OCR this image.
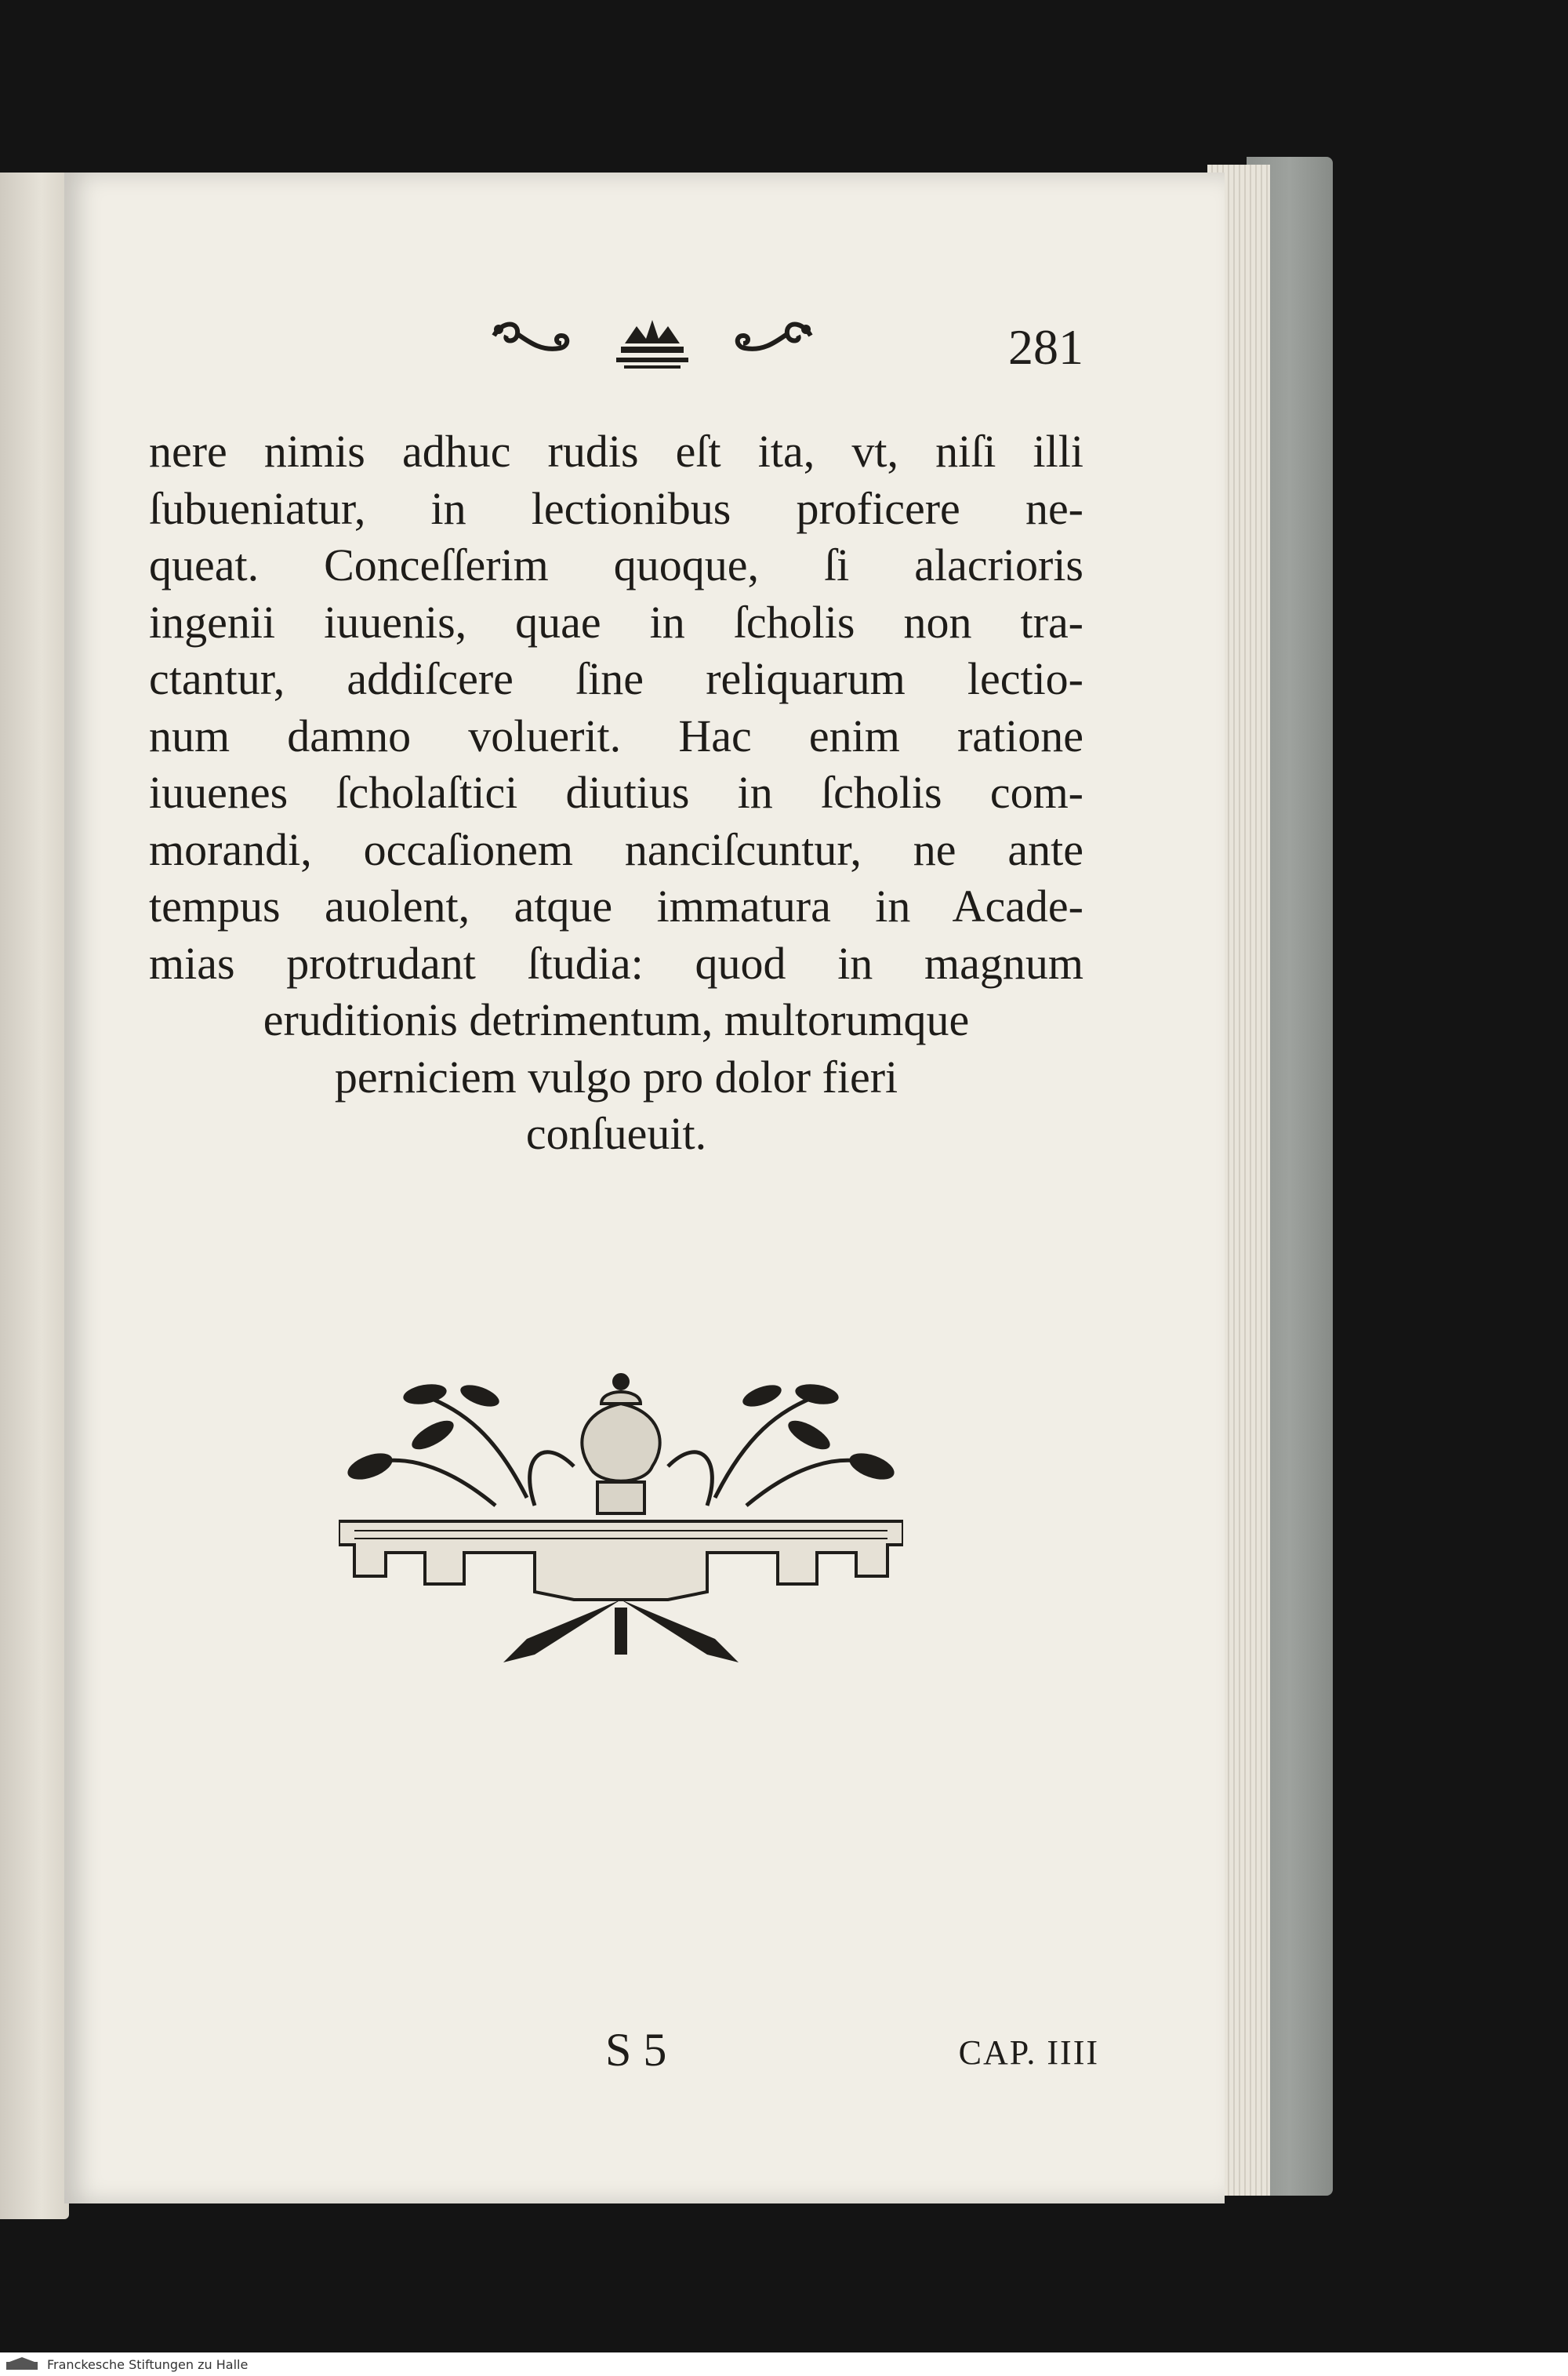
281
nere nimis adhuc rudis eſt ita, vt, niſi illi
ſubueniatur, in lectionibus proficere ne-
queat. Conceſſerim quoque, ſi alacrioris
ingenii iuuenis, quae in ſcholis non tra-
ctantur, addiſcere ſine reliquarum lectio-
num damno voluerit. Hac enim ratione
iuuenes ſcholaſtici diutius in ſcholis com-
morandi, occaſionem nanciſcuntur, ne ante
tempus auolent, atque immatura in Acade-
mias protrudant ſtudia: quod in magnum
eruditionis detrimentum, multorumque
perniciem vulgo pro dolor fieri
conſueuit.
S 5	CAP. IIII
Franckesche Stiftungen zu Halle
